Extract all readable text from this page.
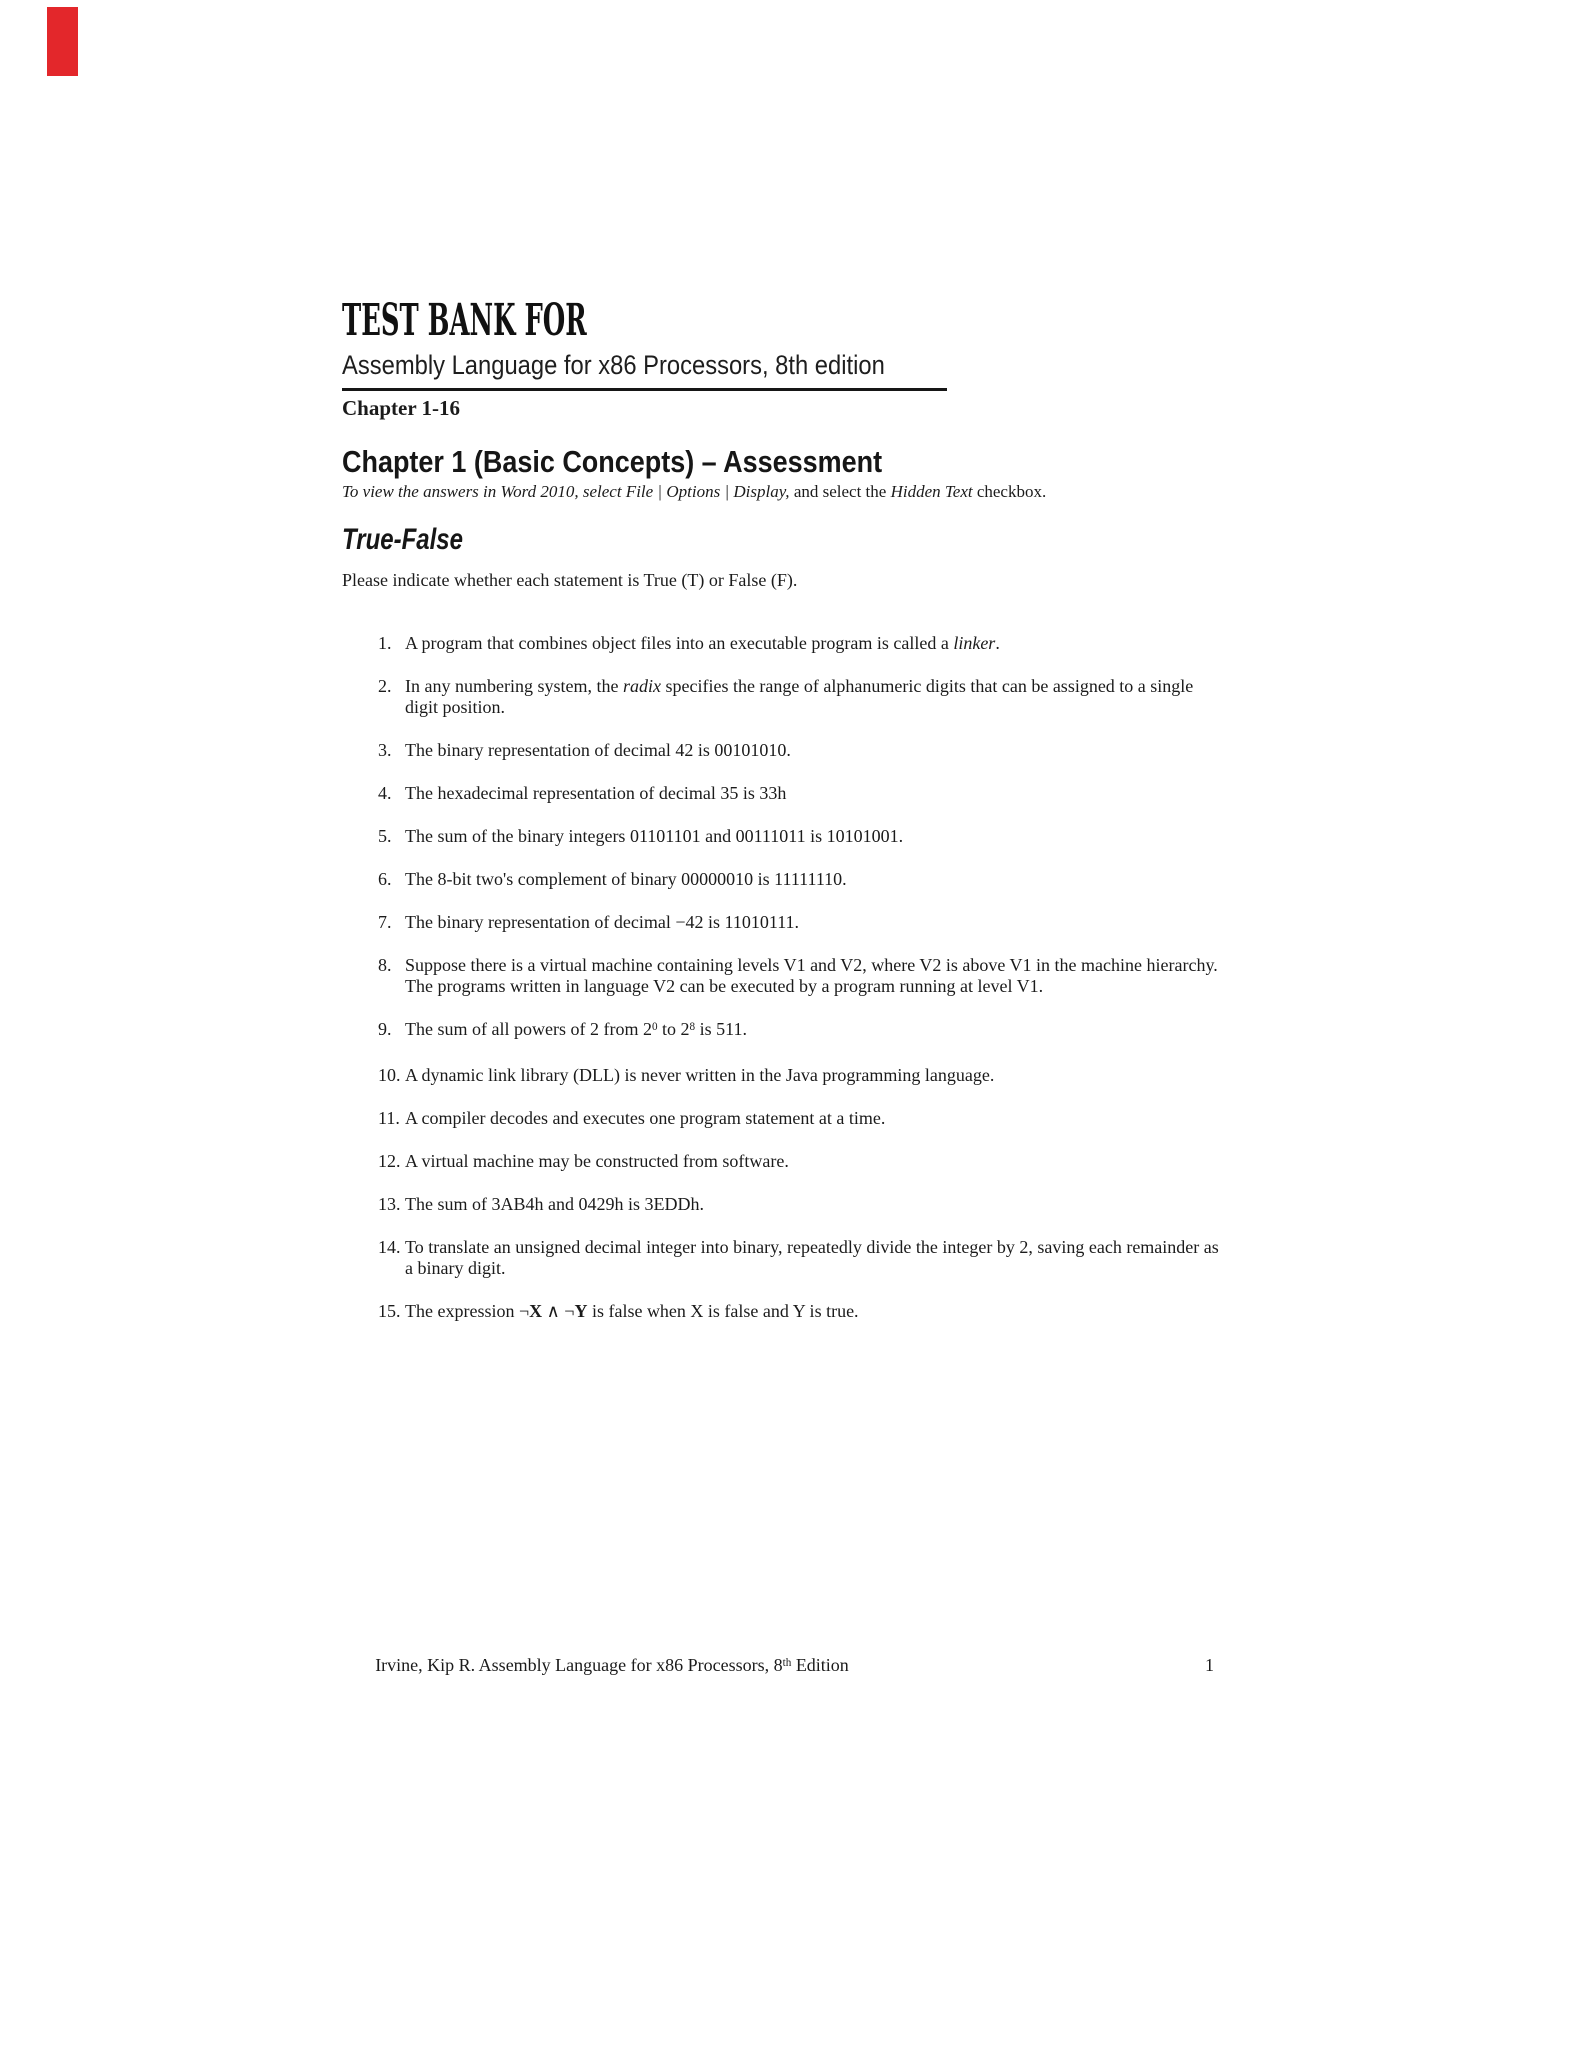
TEST BANK FOR
Assembly Language for x86 Processors, 8th edition
Chapter 1-16
Chapter 1 (Basic Concepts) – Assessment

To view the answers in Word 2010, select File | Options | Display, and select the Hidden Text checkbox.

True-False

Please indicate whether each statement is True (T) or False (F).

1. A program that combines object files into an executable program is called a linker.
2. In any numbering system, the radix specifies the range of alphanumeric digits that can be assigned to a single digit position.
3. The binary representation of decimal 42 is 00101010.
4. The hexadecimal representation of decimal 35 is 33h
5. The sum of the binary integers 01101101 and 00111011 is 10101001.
6. The 8-bit two's complement of binary 00000010 is 11111110.
7. The binary representation of decimal −42 is 11010111.
8. Suppose there is a virtual machine containing levels V1 and V2, where V2 is above V1 in the machine hierarchy. The programs written in language V2 can be executed by a program running at level V1.
9. The sum of all powers of 2 from $2^0$ to $2^8$ is 511.
10. A dynamic link library (DLL) is never written in the Java programming language.
11. A compiler decodes and executes one program statement at a time.
12. A virtual machine may be constructed from software.
13. The sum of 3AB4h and 0429h is 3EDDh.
14. To translate an unsigned decimal integer into binary, repeatedly divide the integer by 2, saving each remainder as a binary digit.
15. The expression ¬X ∧ ¬Y is false when X is false and Y is true.
Irvine, Kip R. Assembly Language for x86 Processors, 8th Edition	1
